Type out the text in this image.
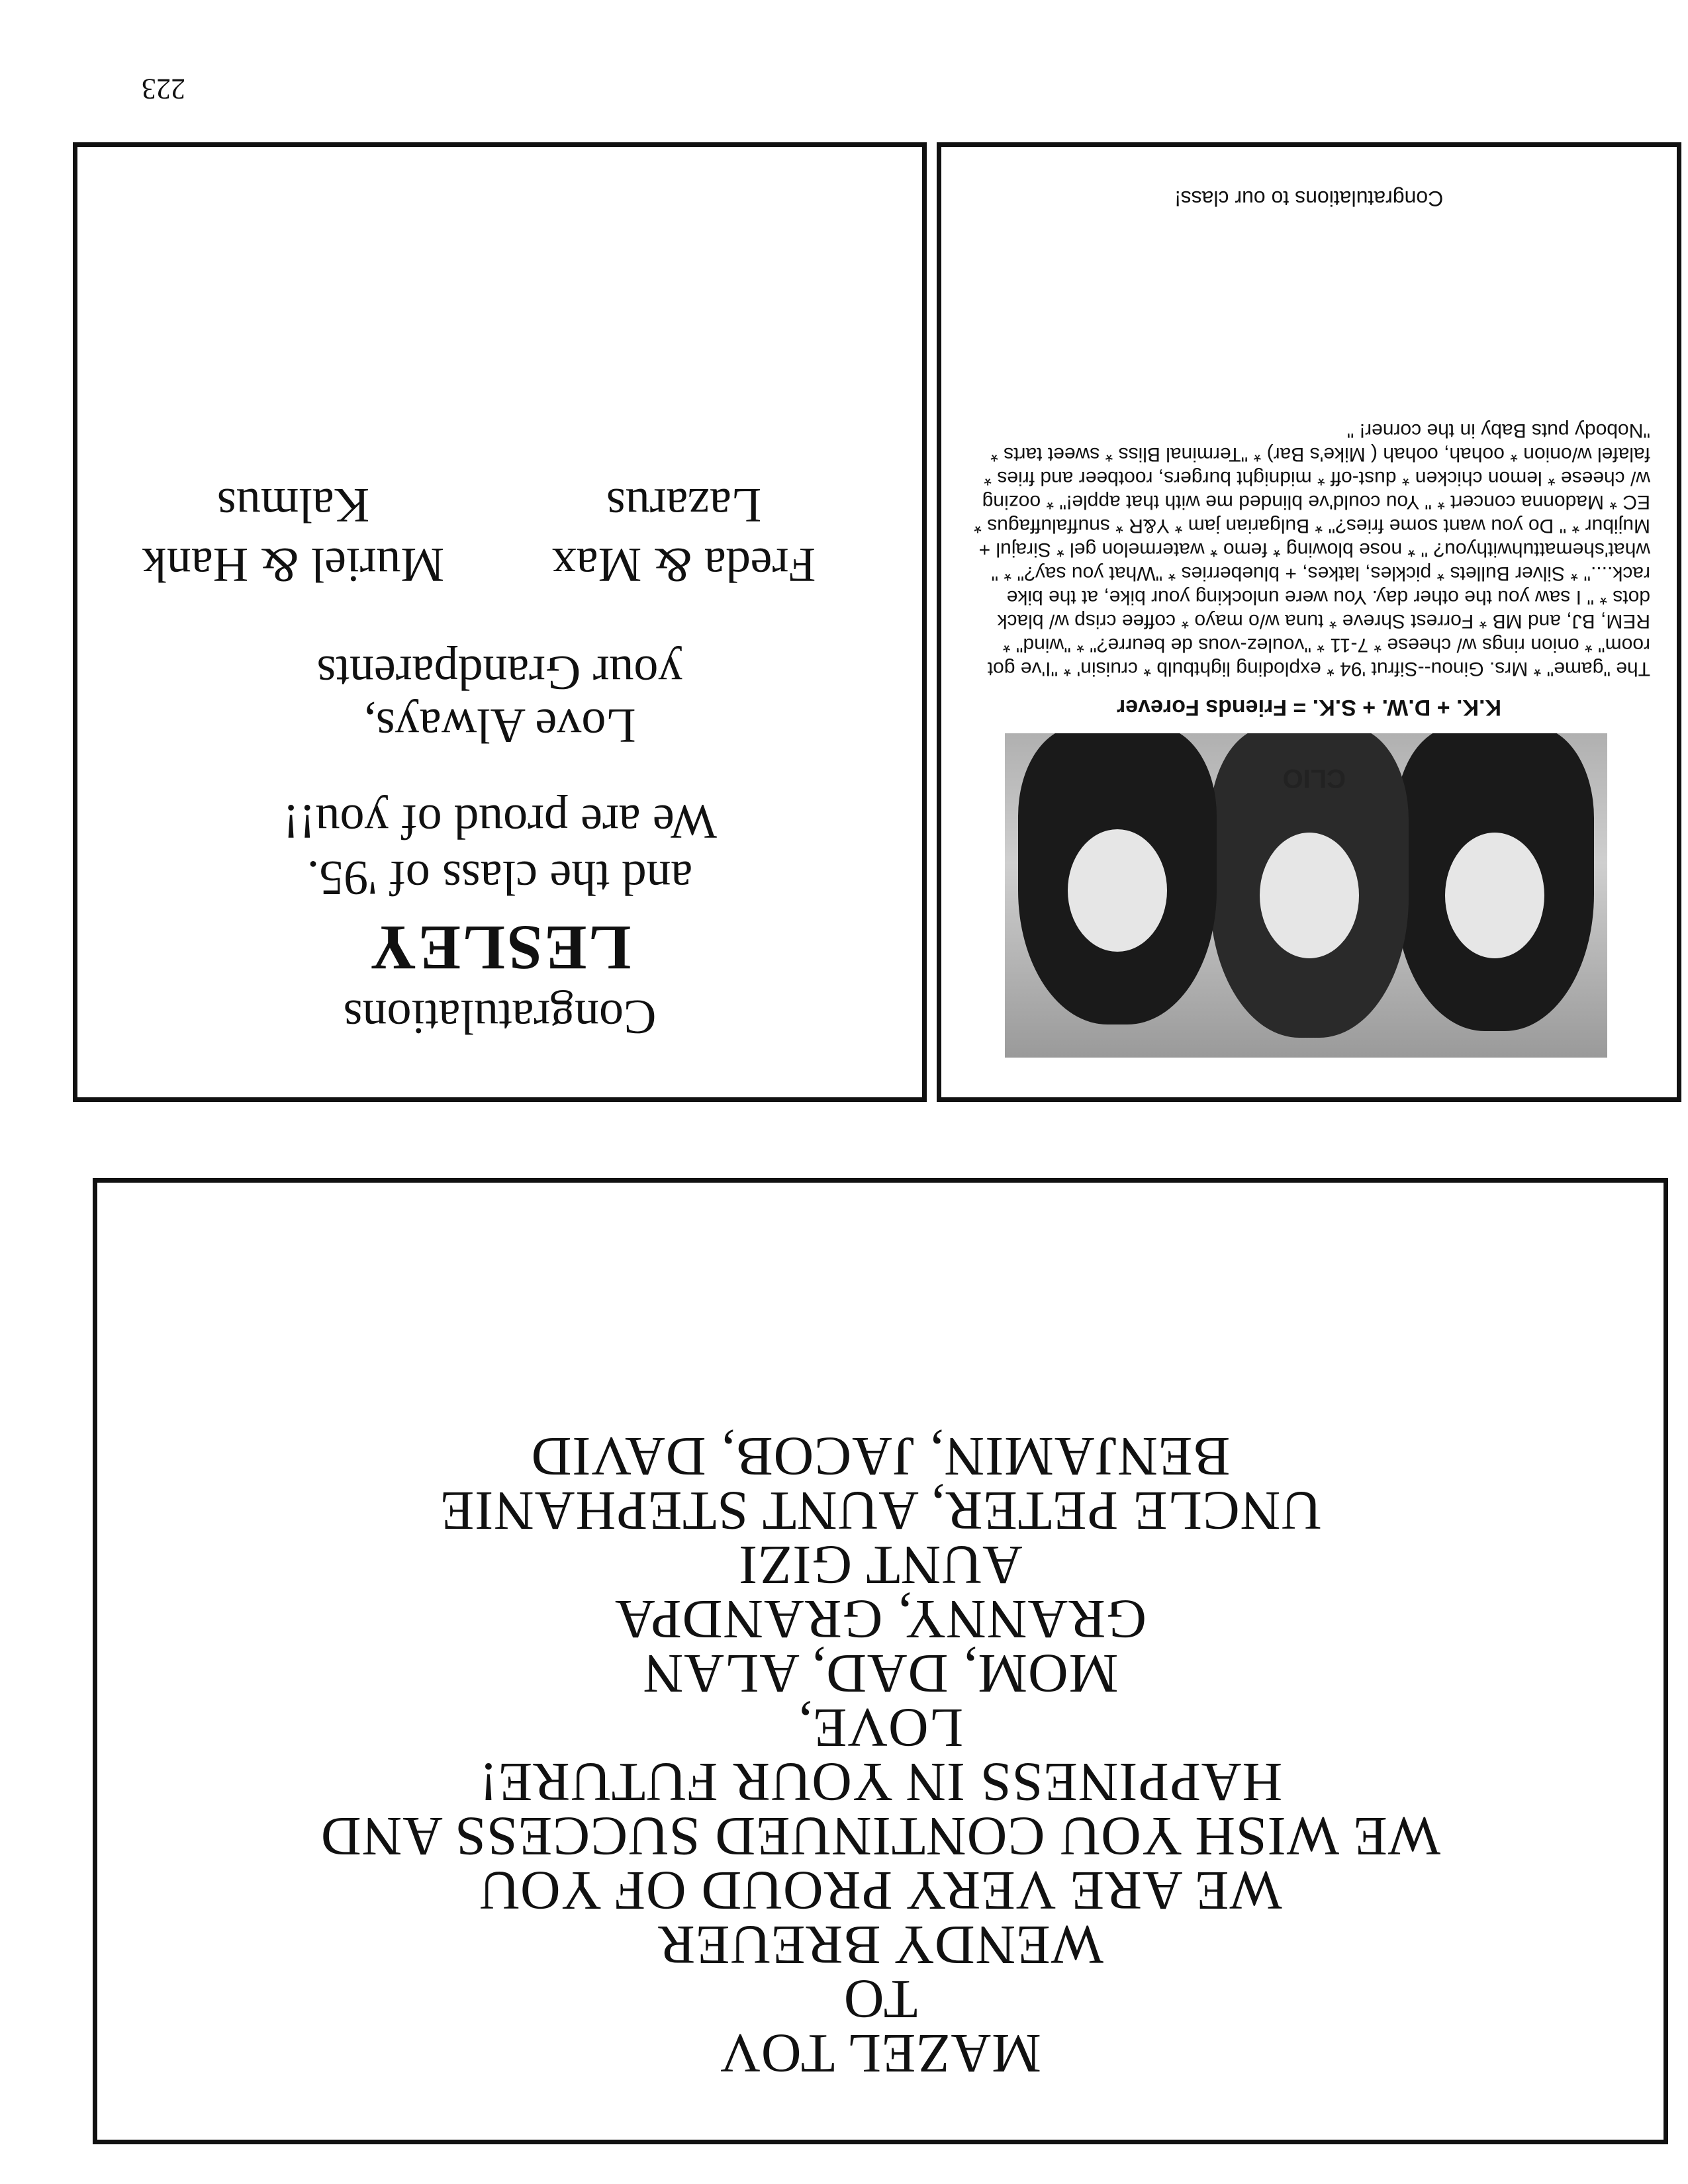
223
MAZEL TOV
TO
WENDY BREUER
WE ARE VERY PROUD OF YOU
WE WISH YOU CONTINUED SUCCESS AND
HAPPINESS IN YOUR FUTURE!
LOVE,
MOM, DAD, ALAN
GRANNY, GRANDPA
AUNT GIZI
UNCLE PETER, AUNT STEPHANIE
BENJAMIN, JACOB, DAVID
Congratulations
LESLEY
and the class of '95.
We are proud of you!!
Love Always,
your Grandparents
Freda & Max
Lazarus
Muriel & Hank
Kalmus
CLIO
K.K. + D.W. + S.K. = Friends Forever
The "game" * Mrs. Ginou--Sifrut '94 * exploding lightbulb * cruisin' * "I've got room" * onion rings w/ cheese * 7-11 * "voulez-vous de beurre?" * "wind" * REM, BJ, and MB * Forrest Shreve * tuna w/o mayo * coffee crisp w/ black dots * " I saw you the other day. You were unlocking your bike, at the bike rack...." * Silver Bullets * pickles, latkes, + blueberries * "What you say?" * " what'shemattuhwithyou? " * nose blowing * femo * watermelon gel * Sirajul + Mujibur * " Do you want some fries?" * Bulgarian jam * Y&R * snuffaluffagus * EC * Madonna concert * " You could've blinded me with that apple!" * oozing w/ cheese * lemon chicken * dust-off * midnight burgers, rootbeer and fries * falafel w/onion * oohah, oohah ( Mike's Bar) * "Terminal Bliss * sweet tarts * "Nobody puts Baby in the corner! "
Congratulations to our class!
